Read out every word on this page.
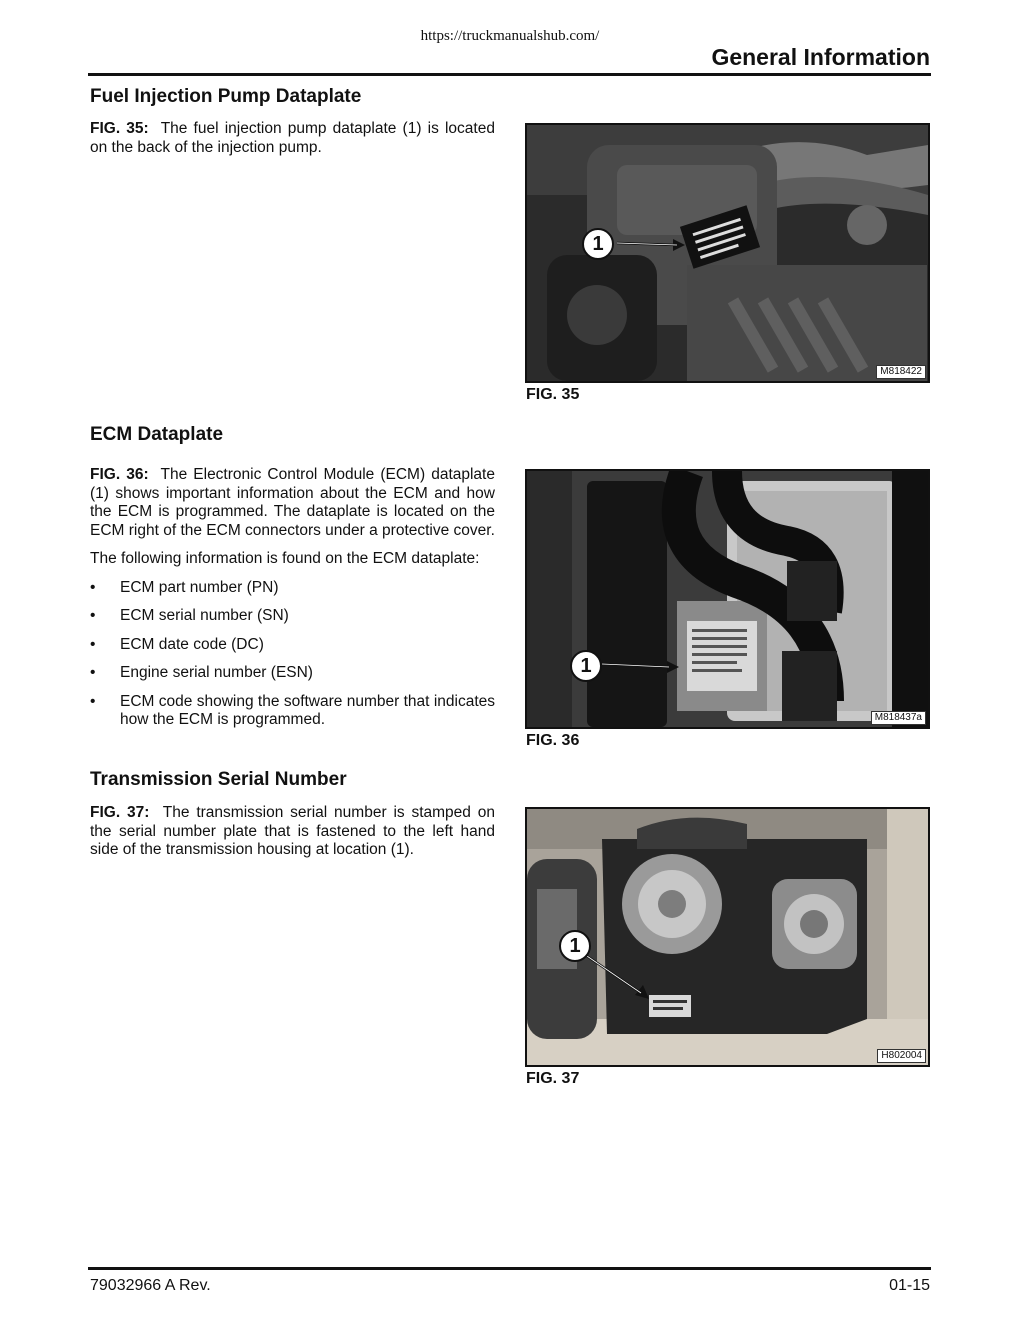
https://truckmanualshub.com/
General Information
Fuel Injection Pump Dataplate

FIG. 35: The fuel injection pump dataplate (1) is located on the back of the injection pump.

1
M818422
FIG. 35
ECM Dataplate

FIG. 36: The Electronic Control Module (ECM) dataplate (1) shows important information about the ECM and how the ECM is programmed. The dataplate is located on the ECM right of the ECM connectors under a protective cover.

The following information is found on the ECM dataplate:

• ECM part number (PN)
• ECM serial number (SN)
• ECM date code (DC)
• Engine serial number (ESN)
• ECM code showing the software number that indicates how the ECM is programmed.
1
M818437a
FIG. 36
Transmission Serial Number

FIG. 37: The transmission serial number is stamped on the serial number plate that is fastened to the left hand side of the transmission housing at location (1).

1
H802004
FIG. 37
79032966 A Rev.	01-15
